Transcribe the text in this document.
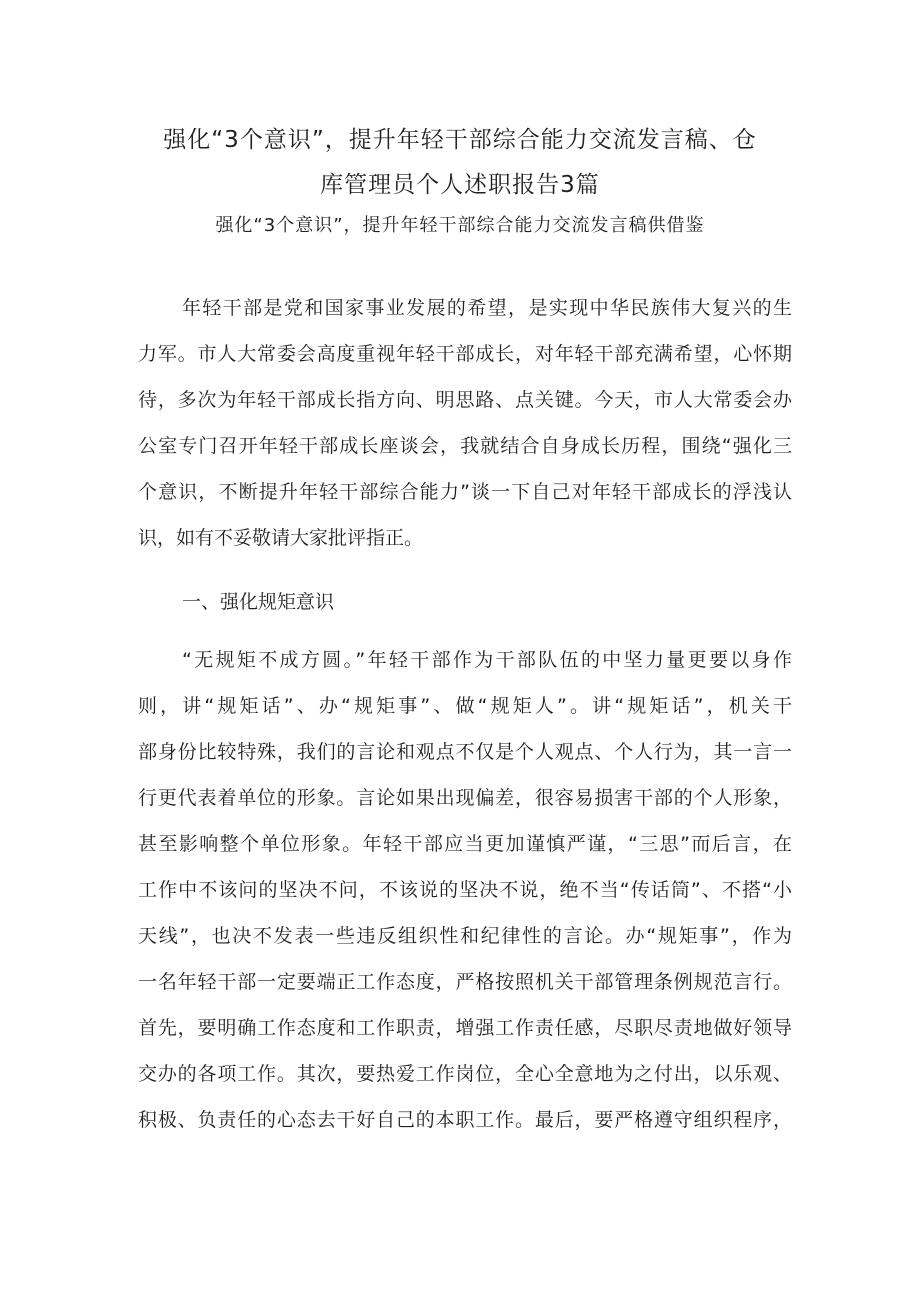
强化“3个意识”，提升年轻干部综合能力交流发言稿、仓
库管理员个人述职报告3篇
强化“3个意识”，提升年轻干部综合能力交流发言稿供借鉴
年轻干部是党和国家事业发展的希望，是实现中华民族伟大复兴的生
力军。市人大常委会高度重视年轻干部成长，对年轻干部充满希望，心怀期
待，多次为年轻干部成长指方向、明思路、点关键。今天，市人大常委会办
公室专门召开年轻干部成长座谈会，我就结合自身成长历程，围绕“强化三
个意识，不断提升年轻干部综合能力”谈一下自己对年轻干部成长的浮浅认
识，如有不妥敬请大家批评指正。
一、强化规矩意识
“无规矩不成方圆。”年轻干部作为干部队伍的中坚力量更要以身作
则，讲“规矩话”、办“规矩事”、做“规矩人”。讲“规矩话”，机关干
部身份比较特殊，我们的言论和观点不仅是个人观点、个人行为，其一言一
行更代表着单位的形象。言论如果出现偏差，很容易损害干部的个人形象，
甚至影响整个单位形象。年轻干部应当更加谨慎严谨，“三思”而后言，在
工作中不该问的坚决不问，不该说的坚决不说，绝不当“传话筒”、不搭“小
天线”，也决不发表一些违反组织性和纪律性的言论。办“规矩事”，作为
一名年轻干部一定要端正工作态度，严格按照机关干部管理条例规范言行。
首先，要明确工作态度和工作职责，增强工作责任感，尽职尽责地做好领导
交办的各项工作。其次，要热爱工作岗位，全心全意地为之付出，以乐观、
积极、负责任的心态去干好自己的本职工作。最后，要严格遵守组织程序，
